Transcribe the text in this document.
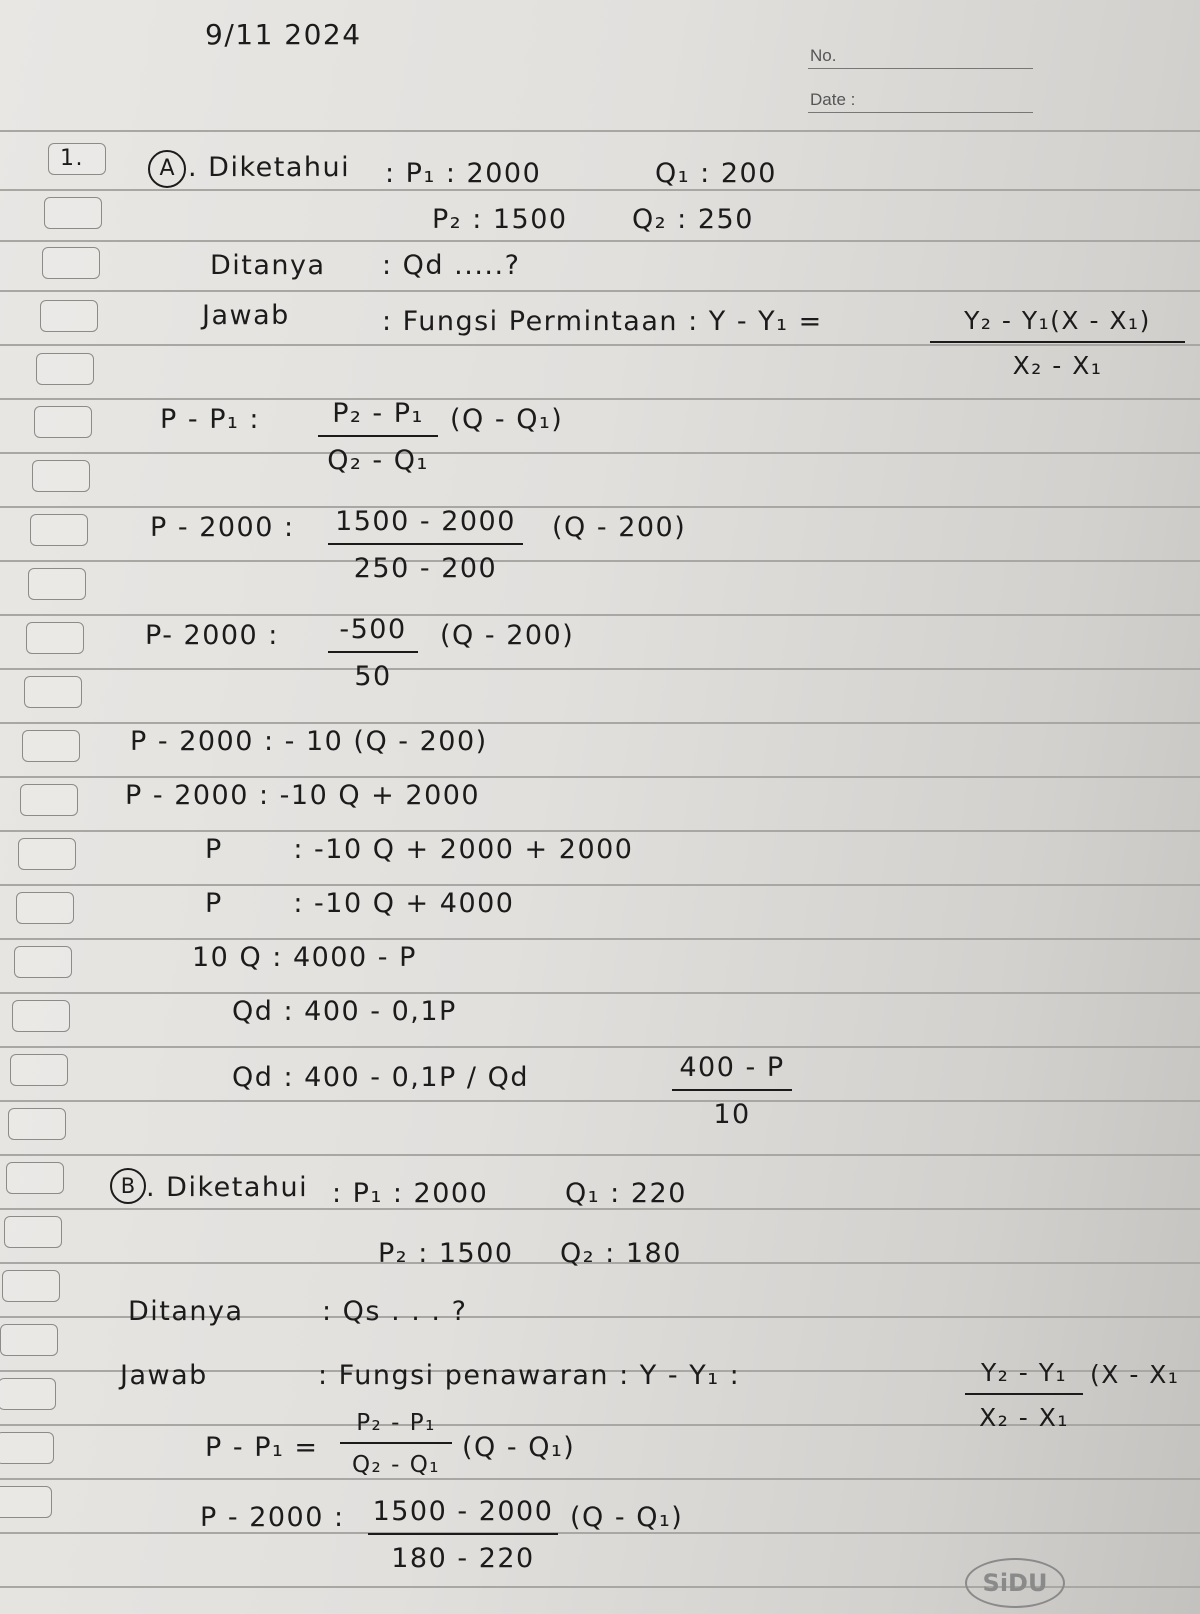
9/11 2024
No.
Date :
1.	A . Diketahui : P₁ : 2000	Q₁ : 200
P₂ : 1500 Q₂ : 250
Ditanya : Qd .....?
Jawab	: Fungsi Permintaan : Y - Y₁ =	$\frac{\text{Y₂ - Y₁(X - X₁)}}{\text{X₂ - X₁}}$
P - P₁ : $\frac{\text{P₂ - P₁}}{\text{Q₂ - Q₁}} (Q - Q_1)$
P - 2000 : $\frac{1500 - 2000}{250 - 200} (Q - 200)$
P- 2000 : $\frac{-500}{50} (Q - 200)$
P - 2000 : - 10 (Q - 200)
P - 2000 : -10 Q + 2000
P       : -10 Q + 2000 + 2000
P       : -10 Q + 4000
10 Q : 4000 - P
Qd : 400 - 0,1P
Qd : 400 - 0,1P / Qd	$\frac{400 - P}{10}$
B . Diketahui : P₁ : 2000	Q₁ : 220
P₂ : 1500 Q₂ : 180
Ditanya	: Qs . . . ?
Jawab	: Fungsi penawaran : Y - Y₁ :	$\frac{\text{Y₂ - Y₁}}{\text{X₂ - X₁}} (X - X_1$
$P - P_1 = \frac{\text{P₂ - P₁}}{\text{Q₂ - Q₁}} (Q - Q_1)$
P - 2000 : $\frac{1500 - 2000}{180 - 220} (Q - Q_1)$
SiDU
